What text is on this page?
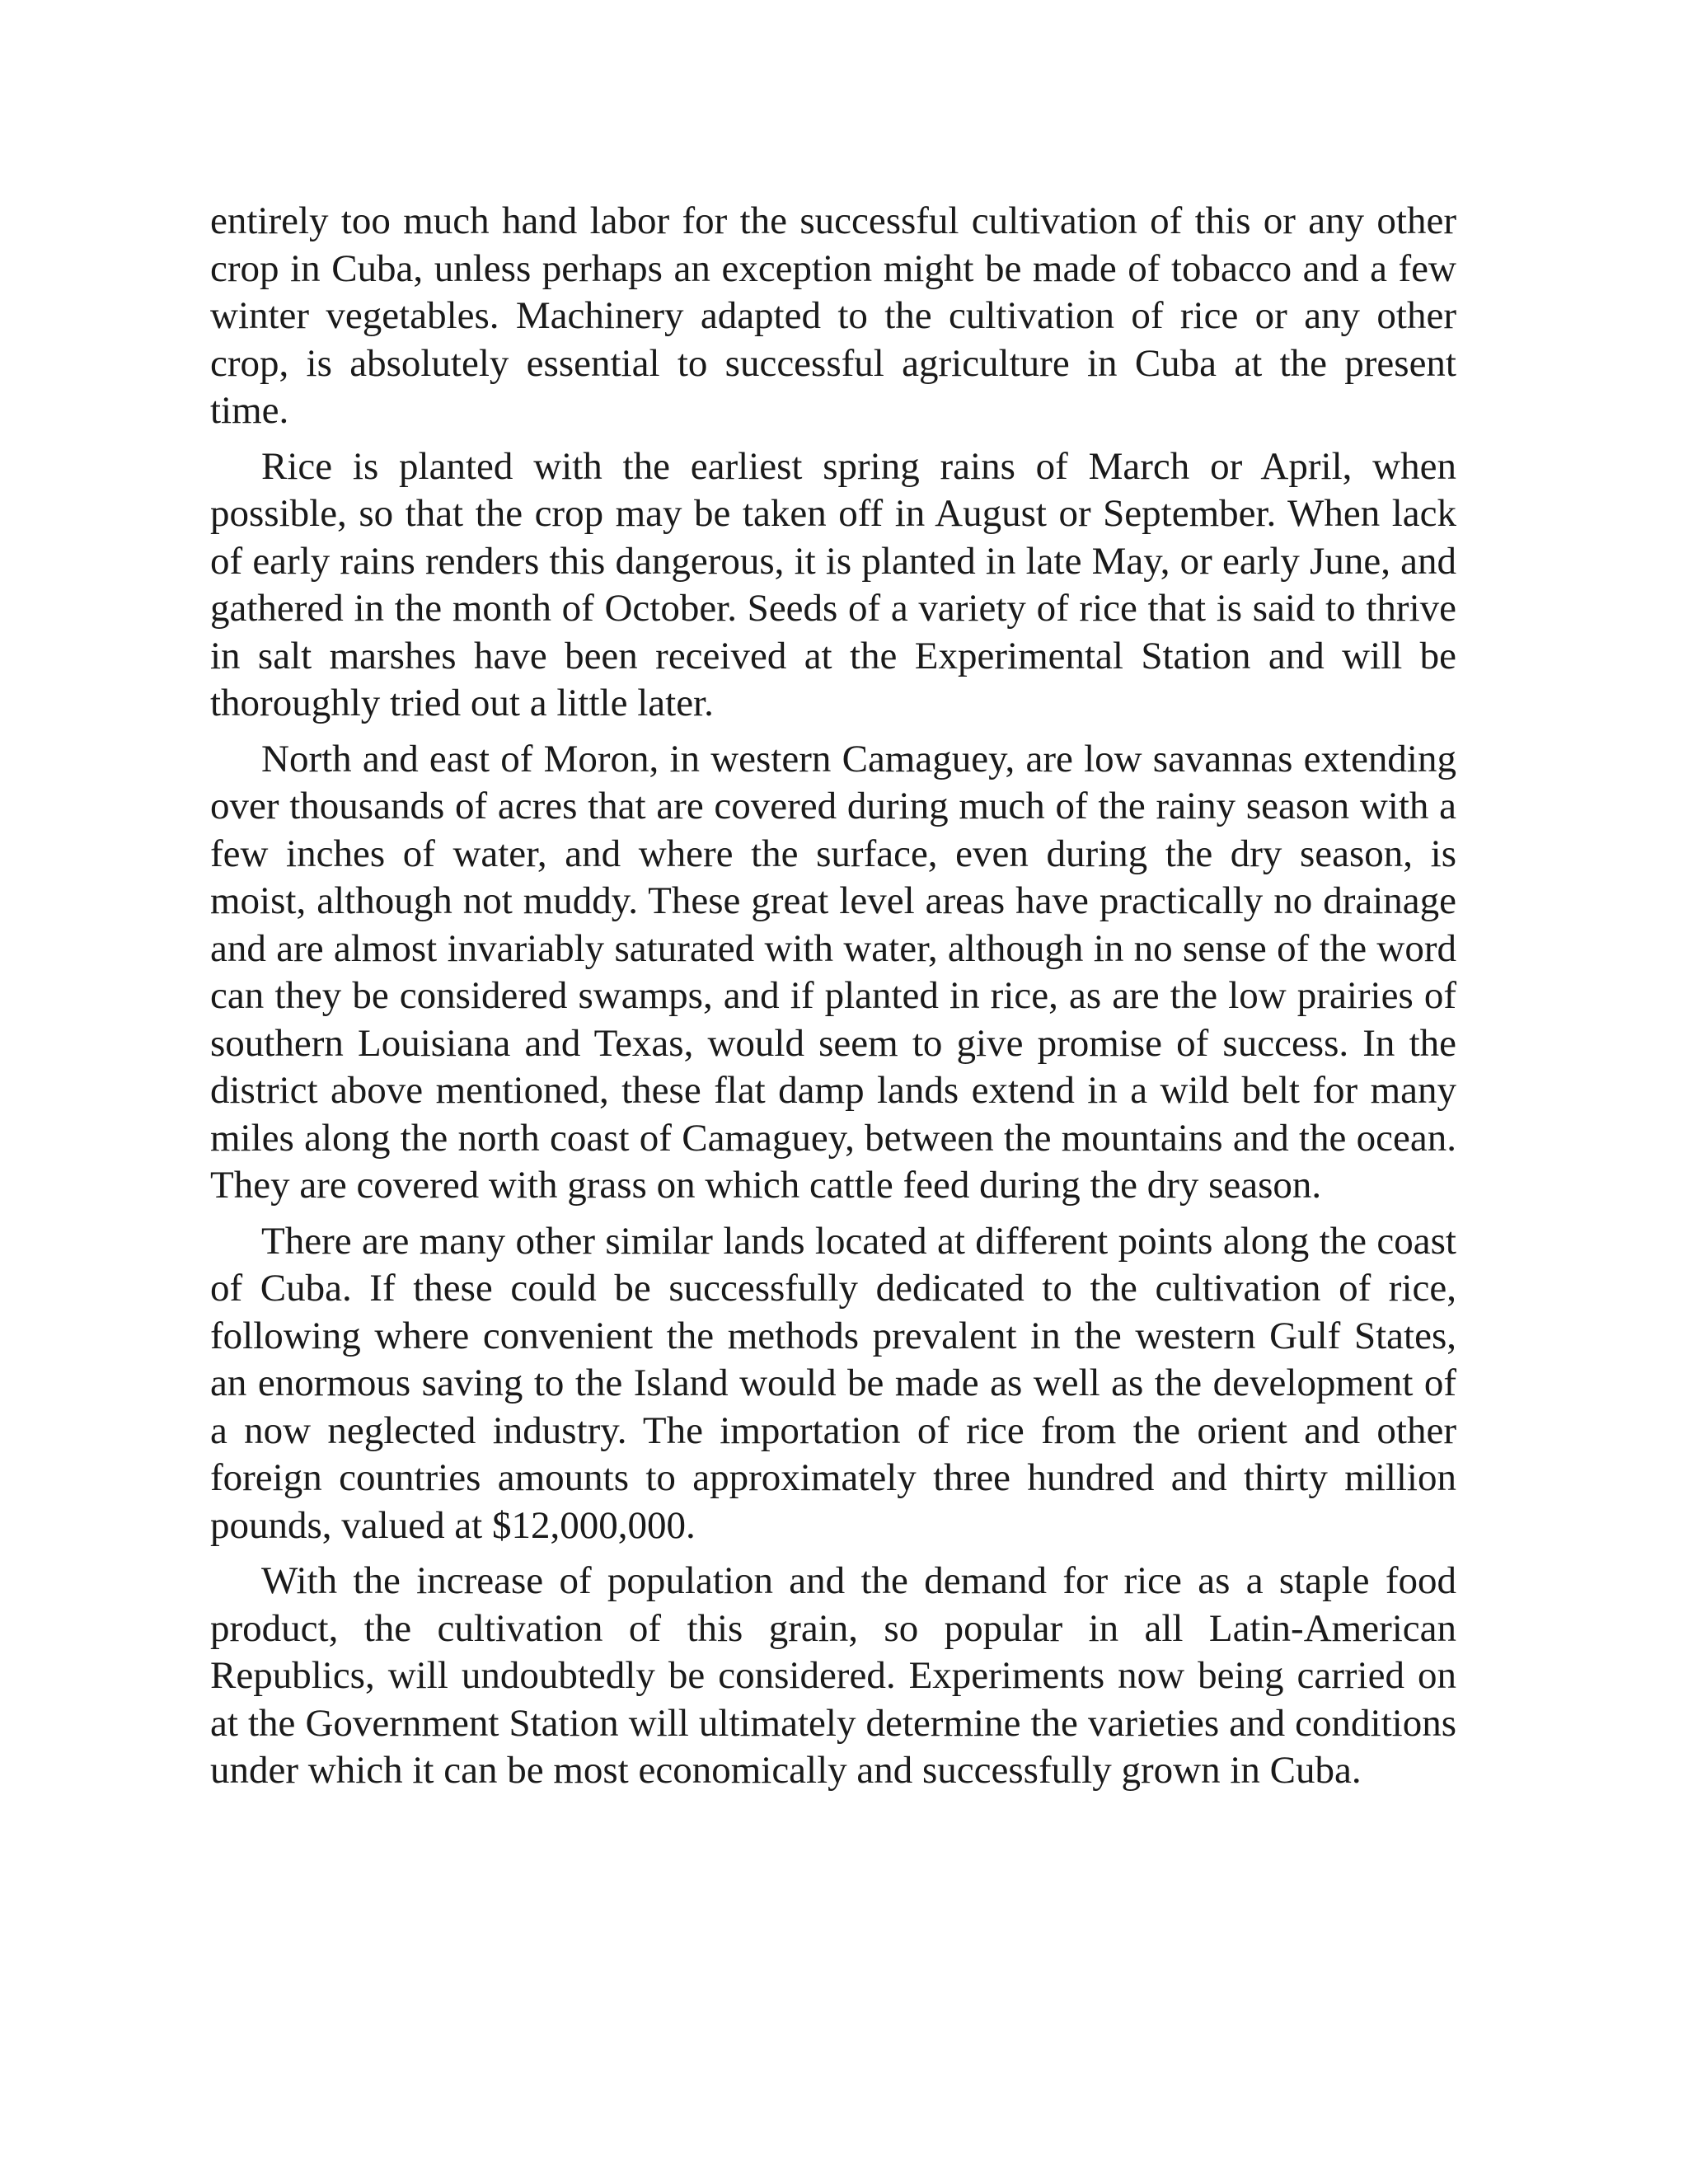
entirely too much hand labor for the successful cultivation of this or any other crop in Cuba, unless perhaps an exception might be made of tobacco and a few winter vegetables. Machinery adapted to the cultivation of rice or any other crop, is absolutely essential to successful agriculture in Cuba at the present time.

Rice is planted with the earliest spring rains of March or April, when possible, so that the crop may be taken off in August or September. When lack of early rains renders this dangerous, it is planted in late May, or early June, and gathered in the month of October. Seeds of a variety of rice that is said to thrive in salt marshes have been received at the Experimental Station and will be thoroughly tried out a little later.

North and east of Moron, in western Camaguey, are low savannas extending over thousands of acres that are covered during much of the rainy season with a few inches of water, and where the surface, even during the dry season, is moist, although not muddy. These great level areas have practically no drainage and are almost invariably saturated with water, although in no sense of the word can they be considered swamps, and if planted in rice, as are the low prairies of southern Louisiana and Texas, would seem to give promise of success. In the district above mentioned, these flat damp lands extend in a wild belt for many miles along the north coast of Camaguey, between the mountains and the ocean. They are covered with grass on which cattle feed during the dry season.

There are many other similar lands located at different points along the coast of Cuba. If these could be successfully dedicated to the cultivation of rice, following where convenient the methods prevalent in the western Gulf States, an enormous saving to the Island would be made as well as the development of a now neglected industry. The importation of rice from the orient and other foreign countries amounts to approximately three hundred and thirty million pounds, valued at $12,000,000.

With the increase of population and the demand for rice as a staple food product, the cultivation of this grain, so popular in all Latin-American Republics, will undoubtedly be considered. Experiments now being carried on at the Government Station will ultimately determine the varieties and conditions under which it can be most economically and successfully grown in Cuba.
